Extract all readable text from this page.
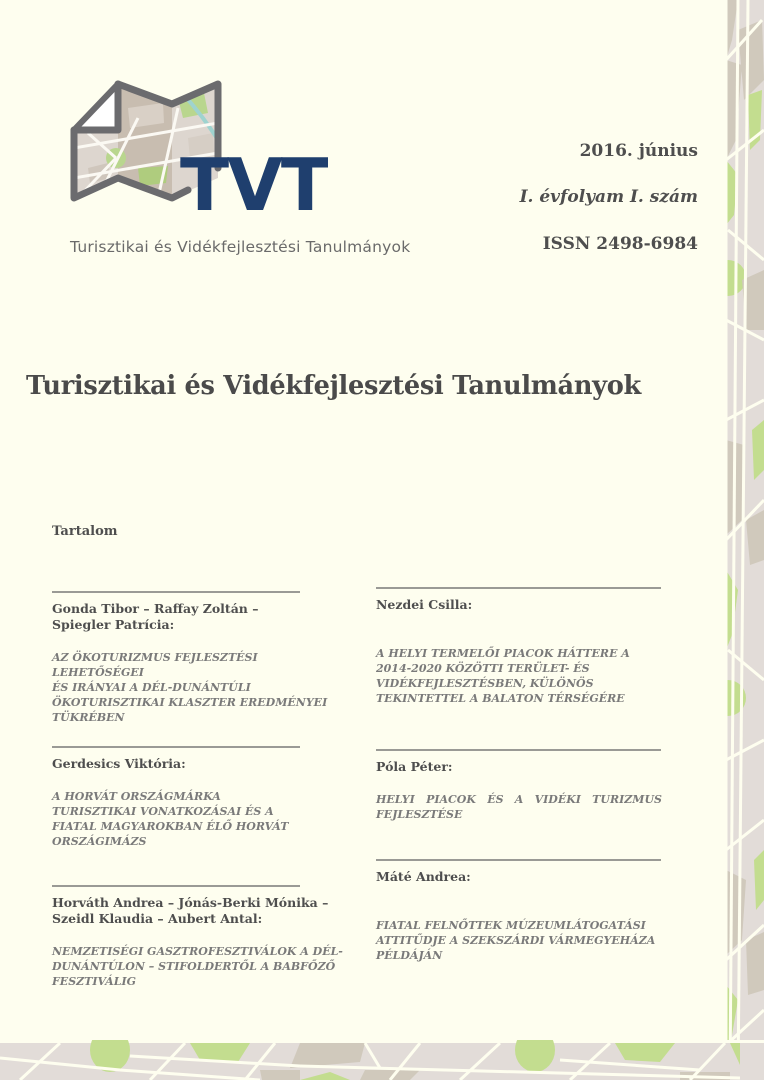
TVT
Turisztikai és Vidékfejlesztési Tanulmányok
2016. június
I. évfolyam I. szám
ISSN 2498-6984
Turisztikai és Vidékfejlesztési Tanulmányok
Tartalom
Gonda Tibor – Raffay Zoltán –
Spiegler Patrícia:
AZ ÖKOTURIZMUS FEJLESZTÉSI LEHETŐSÉGEI
ÉS IRÁNYAI A DÉL-DUNÁNTÚLI
ÖKOTURISZTIKAI KLASZTER EREDMÉNYEI
TÜKRÉBEN
Gerdesics Viktória:
A HORVÁT ORSZÁGMÁRKA
TURISZTIKAI VONATKOZÁSAI ÉS A
FIATAL MAGYAROKBAN ÉLŐ HORVÁT
ORSZÁGIMÁZS
Horváth Andrea – Jónás-Berki Mónika –
Szeidl Klaudia – Aubert Antal:
NEMZETISÉGI GASZTROFESZTIVÁLOK A DÉL-
DUNÁNTÚLON – STIFOLDERTŐL A BABFŐZŐ
FESZTIVÁLIG
Nezdei Csilla:
A HELYI TERMELŐI PIACOK HÁTTERE A
2014-2020 KÖZÖTTI TERÜLET- ÉS
VIDÉKFEJLESZTÉSBEN, KÜLÖNÖS
TEKINTETTEL A BALATON TÉRSÉGÉRE
Póla Péter:
HELYI PIACOK ÉS A VIDÉKI TURIZMUS
FEJLESZTÉSE
Máté Andrea:
FIATAL FELNŐTTEK MÚZEUMLÁTOGATÁSI
ATTITŰDJE A SZEKSZÁRDI VÁRMEGYEHÁZA
PÉLDÁJÁN
